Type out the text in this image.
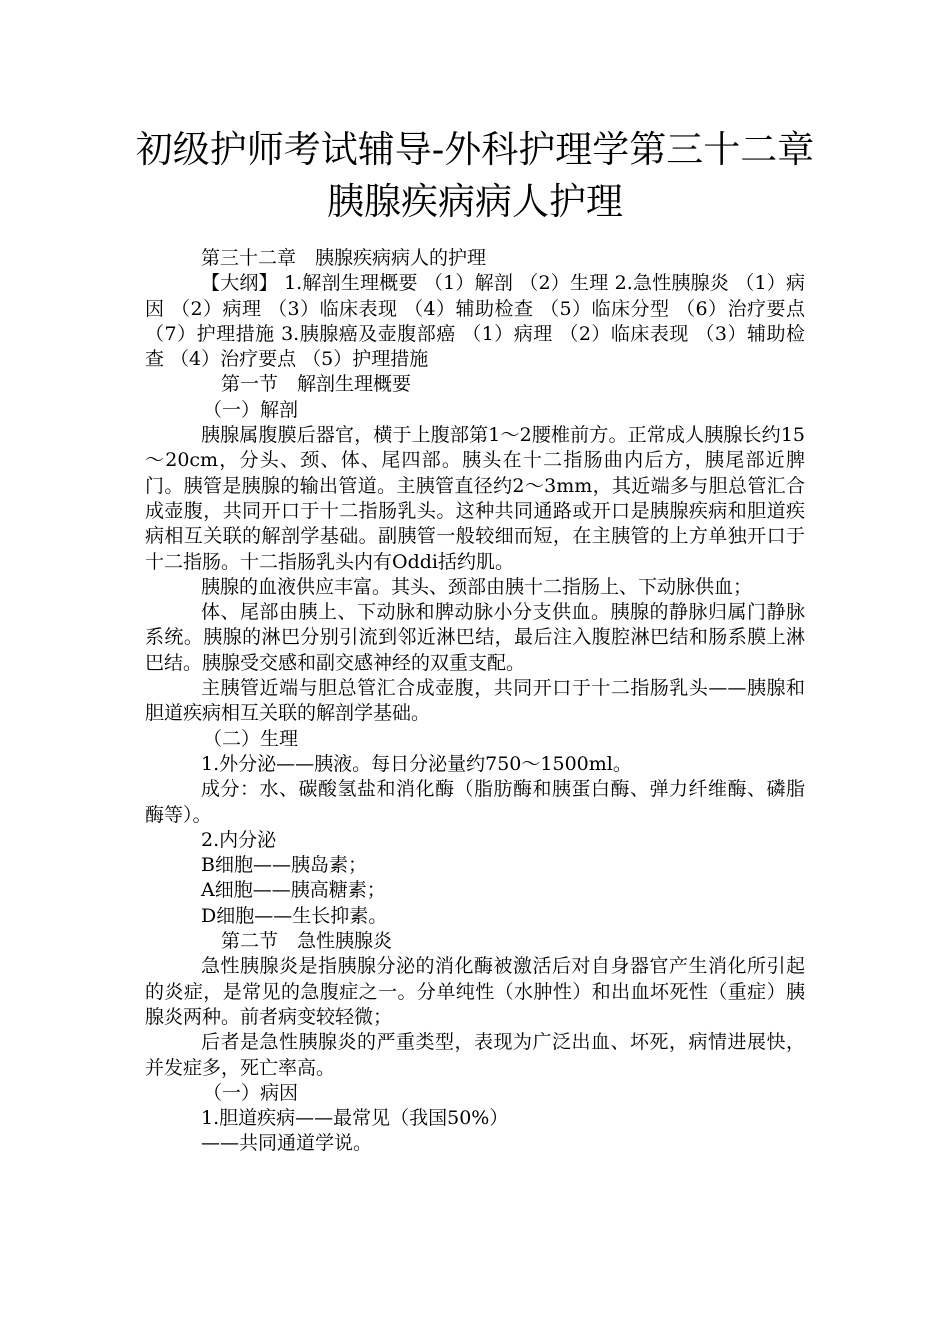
初级护师考试辅导-外科护理学第三十二章
胰腺疾病病人护理

第三十二章　胰腺疾病病人的护理

【大纲】 1.解剖生理概要 （1）解剖 （2）生理 2.急性胰腺炎 （1）病因 （2）病理 （3）临床表现 （4）辅助检查 （5）临床分型 （6）治疗要点 （7）护理措施 3.胰腺癌及壶腹部癌 （1）病理 （2）临床表现 （3）辅助检查 （4）治疗要点 （5）护理措施

第一节　解剖生理概要

（一）解剖

胰腺属腹膜后器官，横于上腹部第1～2腰椎前方。正常成人胰腺长约15～20cm，分头、颈、体、尾四部。胰头在十二指肠曲内后方，胰尾部近脾门。胰管是胰腺的输出管道。主胰管直径约2～3mm，其近端多与胆总管汇合成壶腹，共同开口于十二指肠乳头。这种共同通路或开口是胰腺疾病和胆道疾病相互关联的解剖学基础。副胰管一般较细而短，在主胰管的上方单独开口于十二指肠。十二指肠乳头内有Oddi括约肌。

胰腺的血液供应丰富。其头、颈部由胰十二指肠上、下动脉供血；

体、尾部由胰上、下动脉和脾动脉小分支供血。胰腺的静脉归属门静脉系统。胰腺的淋巴分别引流到邻近淋巴结，最后注入腹腔淋巴结和肠系膜上淋巴结。胰腺受交感和副交感神经的双重支配。

主胰管近端与胆总管汇合成壶腹，共同开口于十二指肠乳头——胰腺和胆道疾病相互关联的解剖学基础。

（二）生理

1.外分泌——胰液。每日分泌量约750～1500ml。

成分：水、碳酸氢盐和消化酶（脂肪酶和胰蛋白酶、弹力纤维酶、磷脂酶等）。

2.内分泌

B细胞——胰岛素；

A细胞——胰高糖素；

D细胞——生长抑素。

第二节　急性胰腺炎

急性胰腺炎是指胰腺分泌的消化酶被激活后对自身器官产生消化所引起的炎症，是常见的急腹症之一。分单纯性（水肿性）和出血坏死性（重症）胰腺炎两种。前者病变较轻微；

后者是急性胰腺炎的严重类型，表现为广泛出血、坏死，病情进展快，并发症多，死亡率高。

（一）病因

1.胆道疾病——最常见（我国50%）

——共同通道学说。
